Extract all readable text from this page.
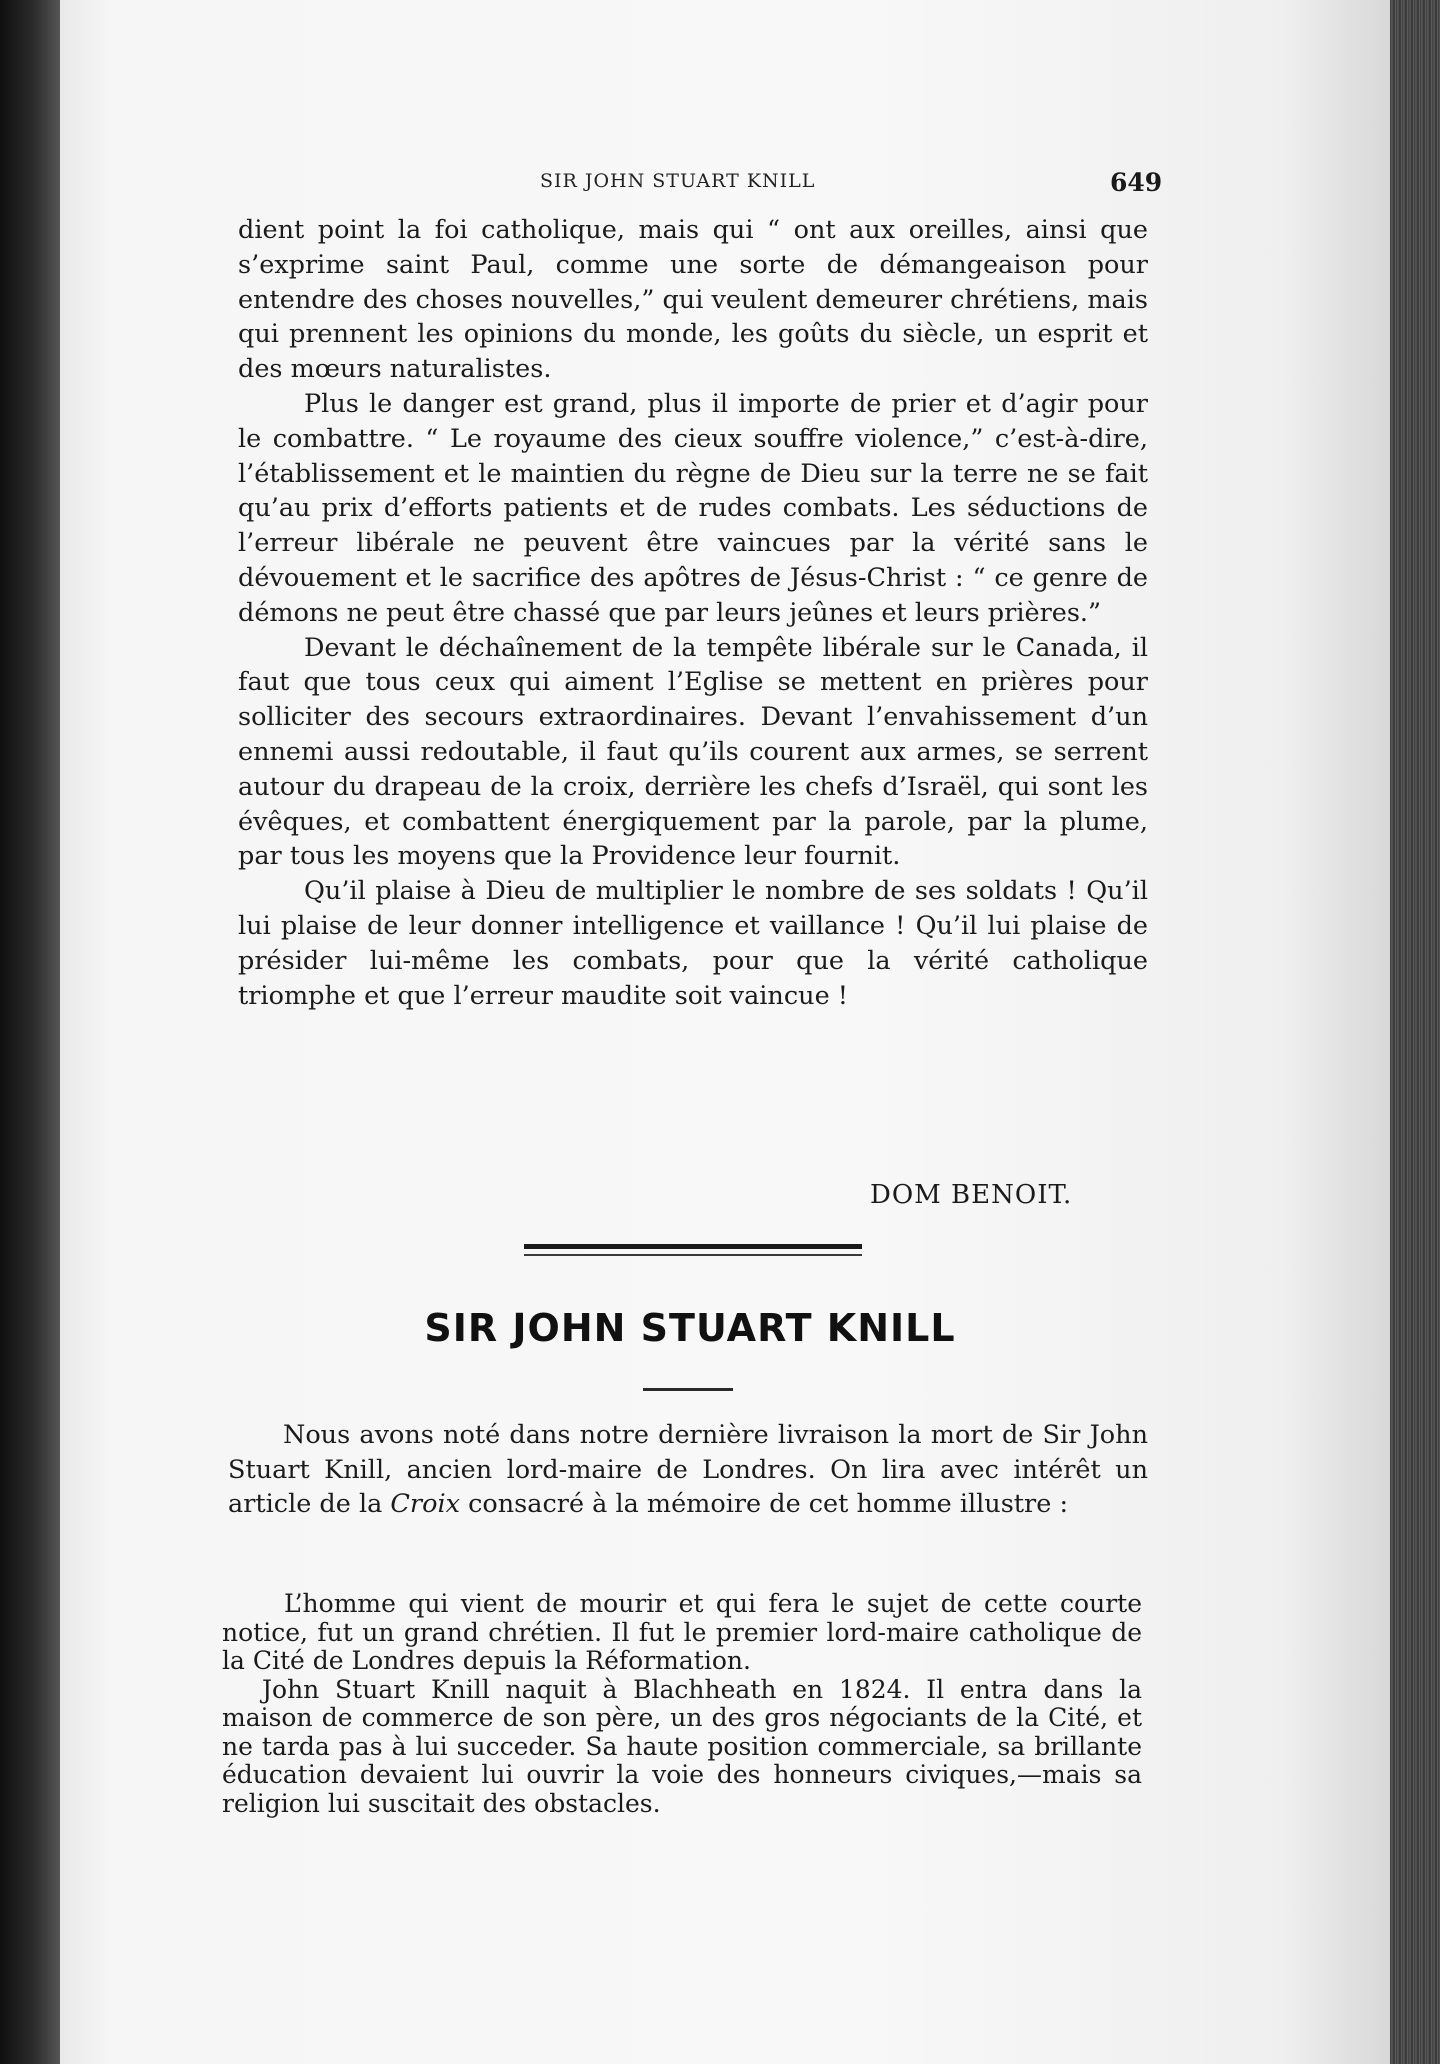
SIR JOHN STUART KNILL	649

dient point la foi catholique, mais qui “ ont aux oreilles, ainsi que s’exprime saint Paul, comme une sorte de démangeaison pour entendre des choses nouvelles,” qui veulent demeurer chrétiens, mais qui prennent les opinions du monde, les goûts du siècle, un esprit et des mœurs naturalistes.

Plus le danger est grand, plus il importe de prier et d’agir pour le combattre. “ Le royaume des cieux souffre violence,” c’est-à-dire, l’établissement et le maintien du règne de Dieu sur la terre ne se fait qu’au prix d’efforts patients et de rudes combats. Les séductions de l’erreur libérale ne peuvent être vaincues par la vérité sans le dévouement et le sacrifice des apôtres de Jésus-Christ : “ ce genre de démons ne peut être chassé que par leurs jeûnes et leurs prières.”

Devant le déchaînement de la tempête libérale sur le Canada, il faut que tous ceux qui aiment l’Eglise se mettent en prières pour solliciter des secours extraordinaires. Devant l’envahissement d’un ennemi aussi redoutable, il faut qu’ils courent aux armes, se serrent autour du drapeau de la croix, derrière les chefs d’Israël, qui sont les évêques, et combattent énergiquement par la parole, par la plume, par tous les moyens que la Providence leur fournit.

Qu’il plaise à Dieu de multiplier le nombre de ses soldats ! Qu’il lui plaise de leur donner intelligence et vaillance ! Qu’il lui plaise de présider lui-même les combats, pour que la vérité catholique triomphe et que l’erreur maudite soit vaincue !

DOM BENOIT.
SIR JOHN STUART KNILL

Nous avons noté dans notre dernière livraison la mort de Sir John Stuart Knill, ancien lord-maire de Londres. On lira avec intérêt un article de la Croix consacré à la mémoire de cet homme illustre :

L’homme qui vient de mourir et qui fera le sujet de cette courte notice, fut un grand chrétien. Il fut le premier lord-maire catholique de la Cité de Londres depuis la Réformation.

John Stuart Knill naquit à Blachheath en 1824. Il entra dans la maison de commerce de son père, un des gros négociants de la Cité, et ne tarda pas à lui succeder. Sa haute position commerciale, sa brillante éducation devaient lui ouvrir la voie des honneurs civiques,—mais sa religion lui suscitait des obstacles.
